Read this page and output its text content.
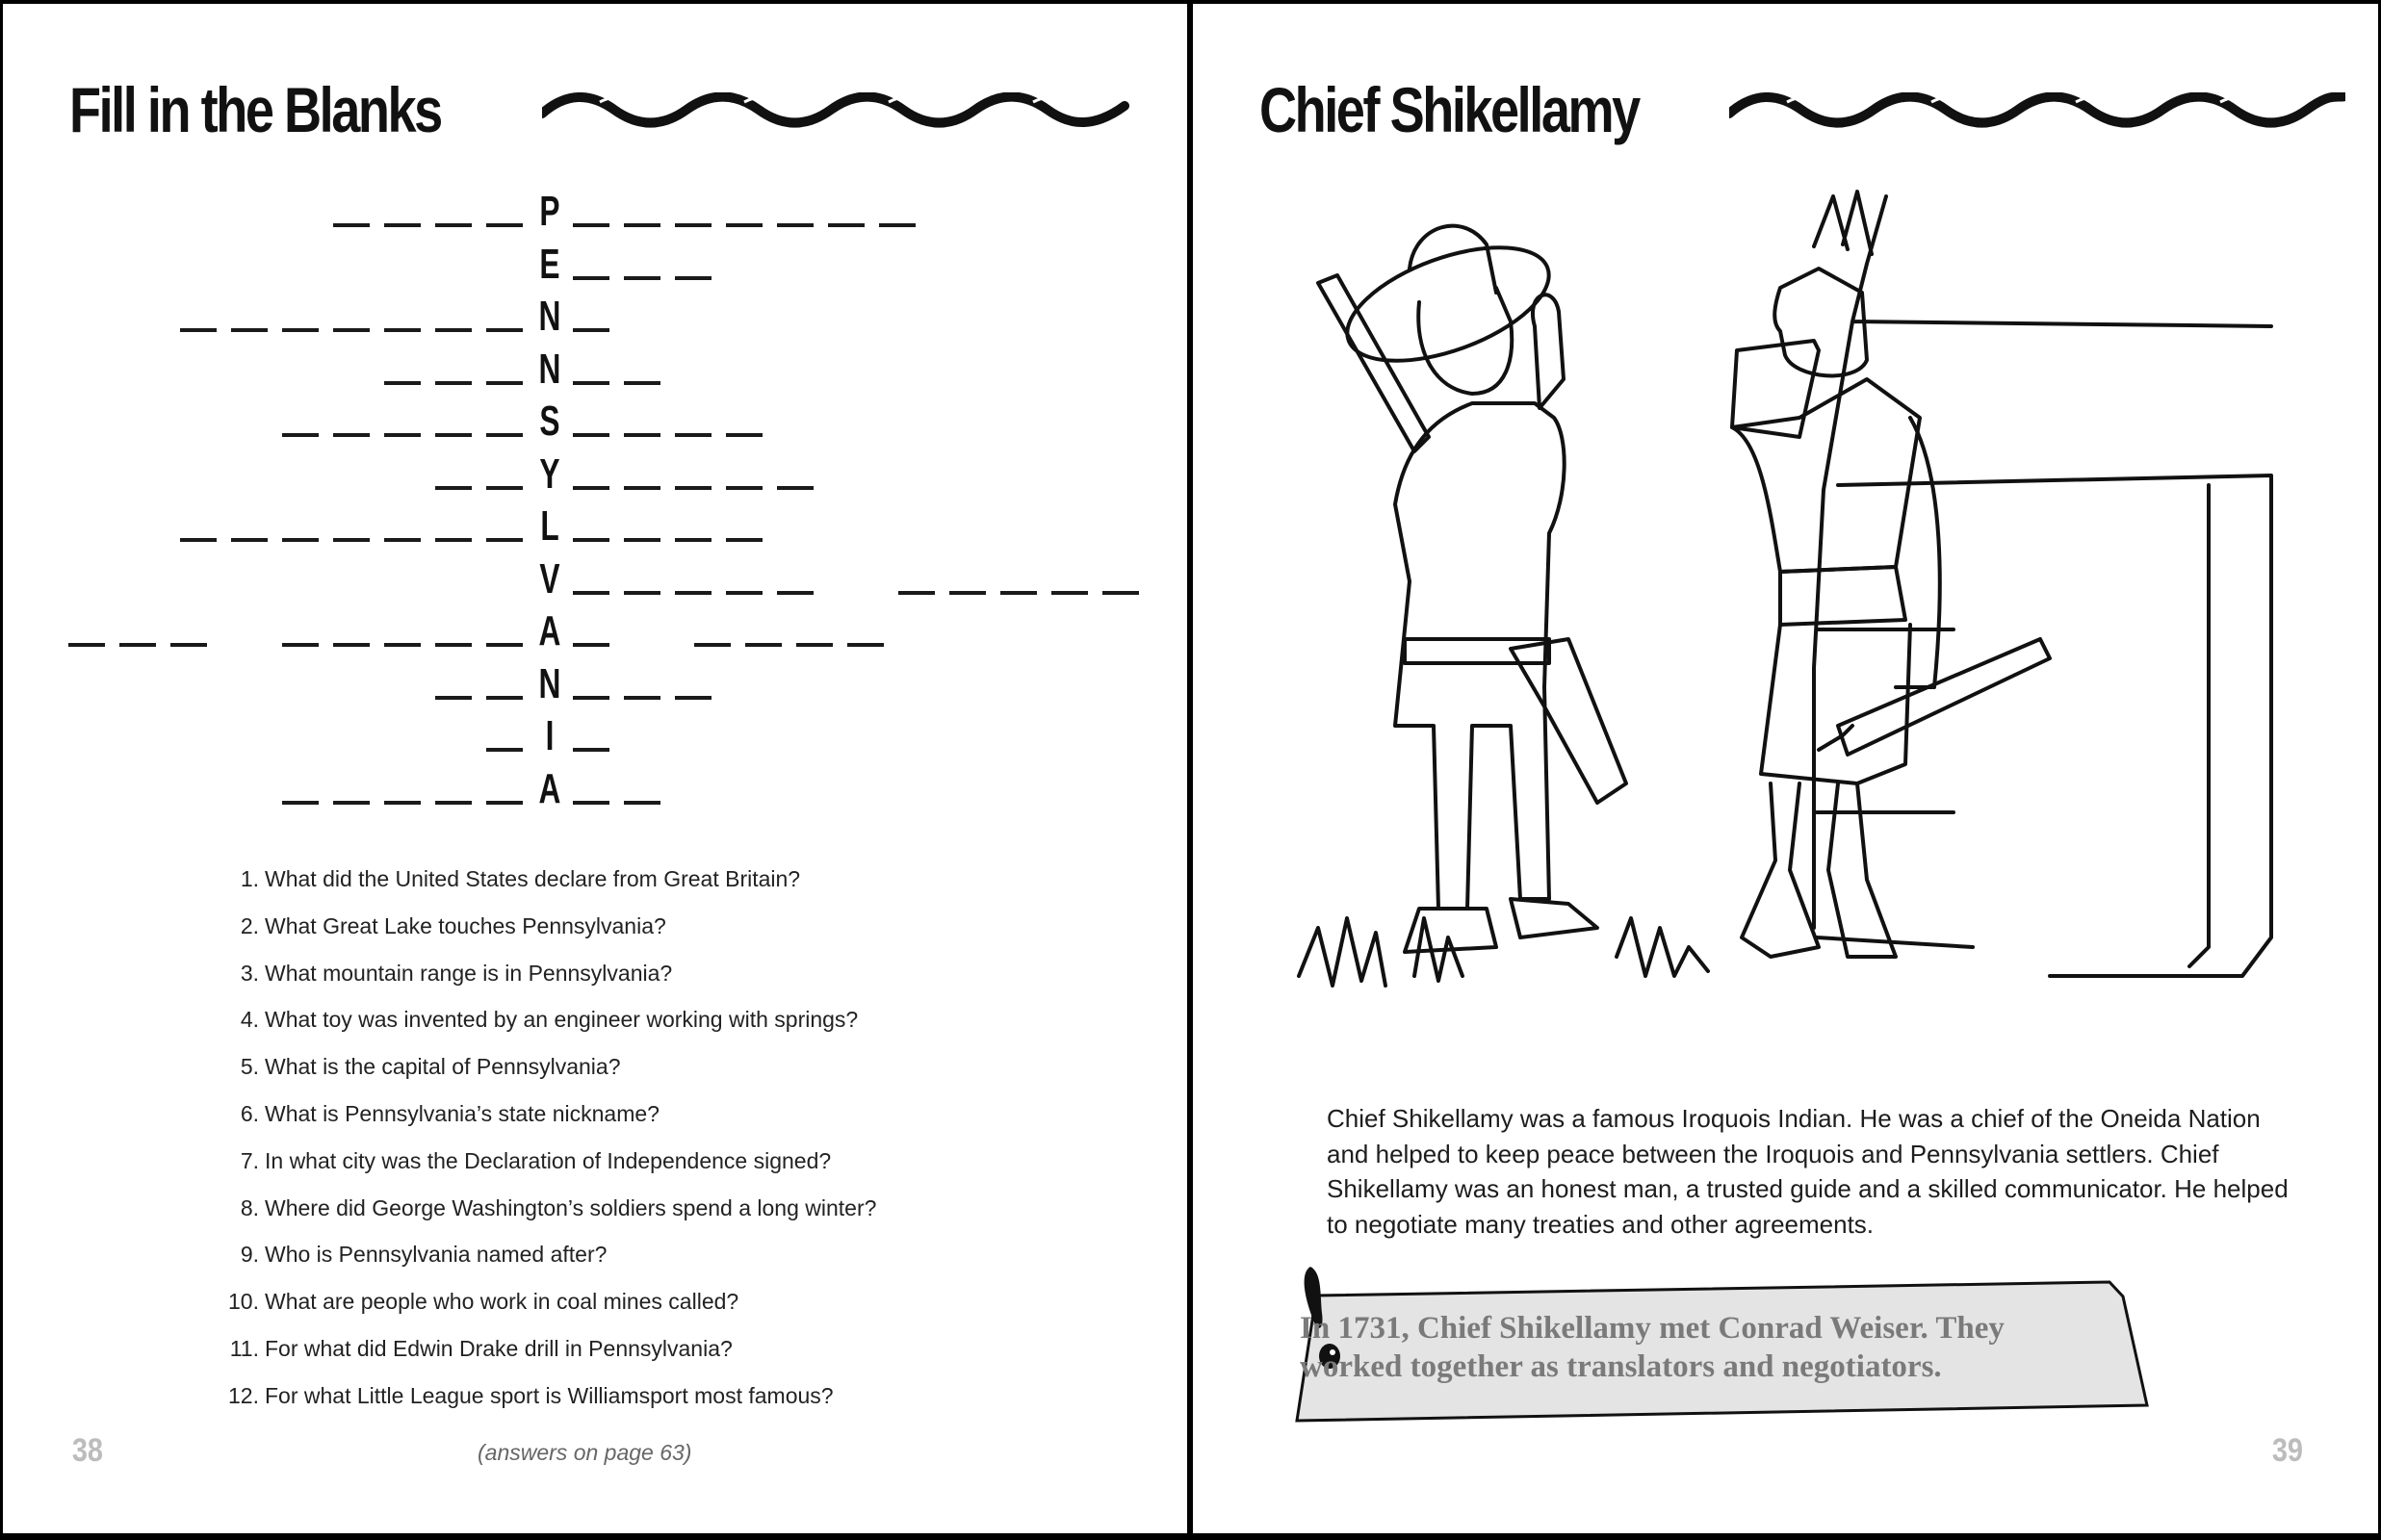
Fill in the Blanks
P
E
N
N
S
Y
L
V
A
N
I
A
1. What did the United States declare from Great Britain?
2. What Great Lake touches Pennsylvania?
3. What mountain range is in Pennsylvania?
4. What toy was invented by an engineer working with springs?
5. What is the capital of Pennsylvania?
6. What is Pennsylvania’s state nickname?
7. In what city was the Declaration of Independence signed?
8. Where did George Washington’s soldiers spend a long winter?
9. Who is Pennsylvania named after?
10. What are people who work in coal mines called?
11. For what did Edwin Drake drill in Pennsylvania?
12. For what Little League sport is Williamsport most famous?
38	(answers on page 63)
Chief Shikellamy
Chief Shikellamy was a famous Iroquois Indian. He was a chief of the Oneida Nation and helped to keep peace between the Iroquois and Pennsylvania settlers. Chief Shikellamy was an honest man, a trusted guide and a skilled communicator. He helped to negotiate many treaties and other agreements.
In 1731, Chief Shikellamy met Conrad Weiser. They
worked together as translators and negotiators.
39
